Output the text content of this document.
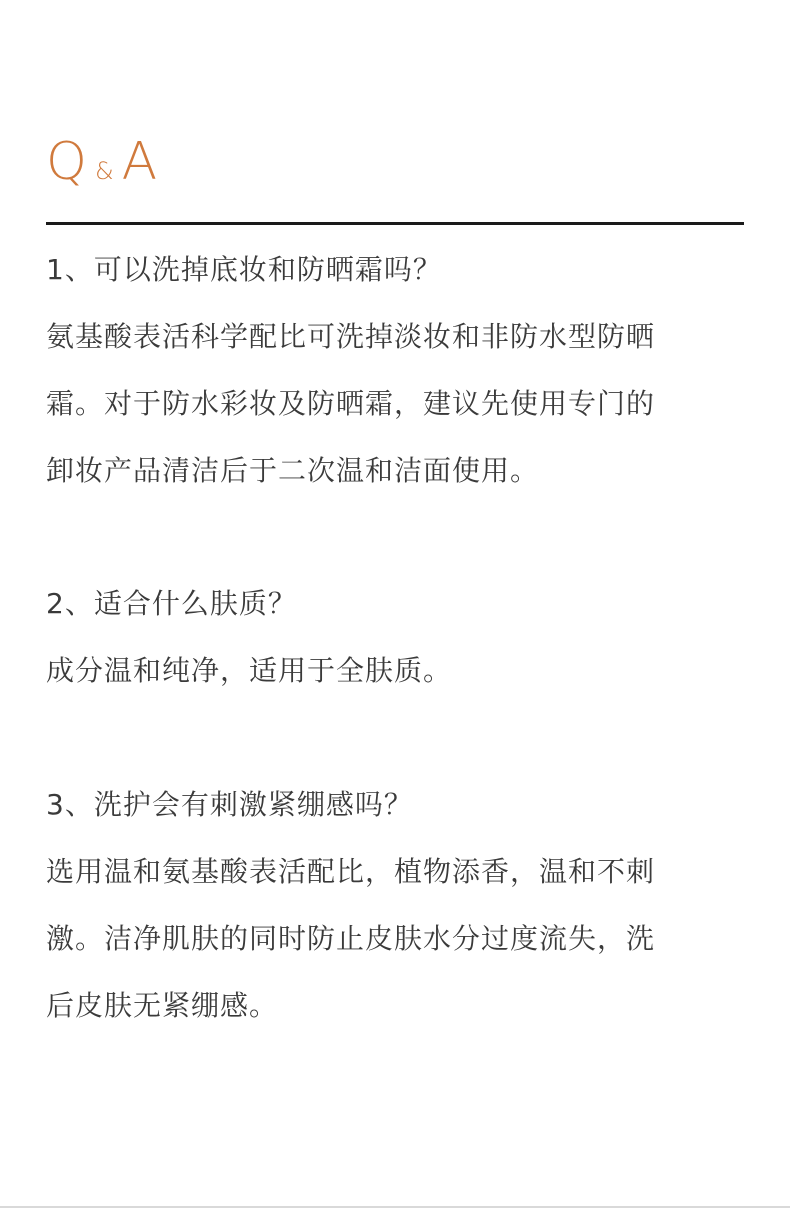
Q & A

1、可以洗掉底妆和防晒霜吗？

氨基酸表活科学配比可洗掉淡妆和非防水型防晒

霜。对于防水彩妆及防晒霜，建议先使用专门的

卸妆产品清洁后于二次温和洁面使用。

2、适合什么肤质？

成分温和纯净，适用于全肤质。

3、洗护会有刺激紧绷感吗？

选用温和氨基酸表活配比，植物添香，温和不刺

激。洁净肌肤的同时防止皮肤水分过度流失，洗

后皮肤无紧绷感。
